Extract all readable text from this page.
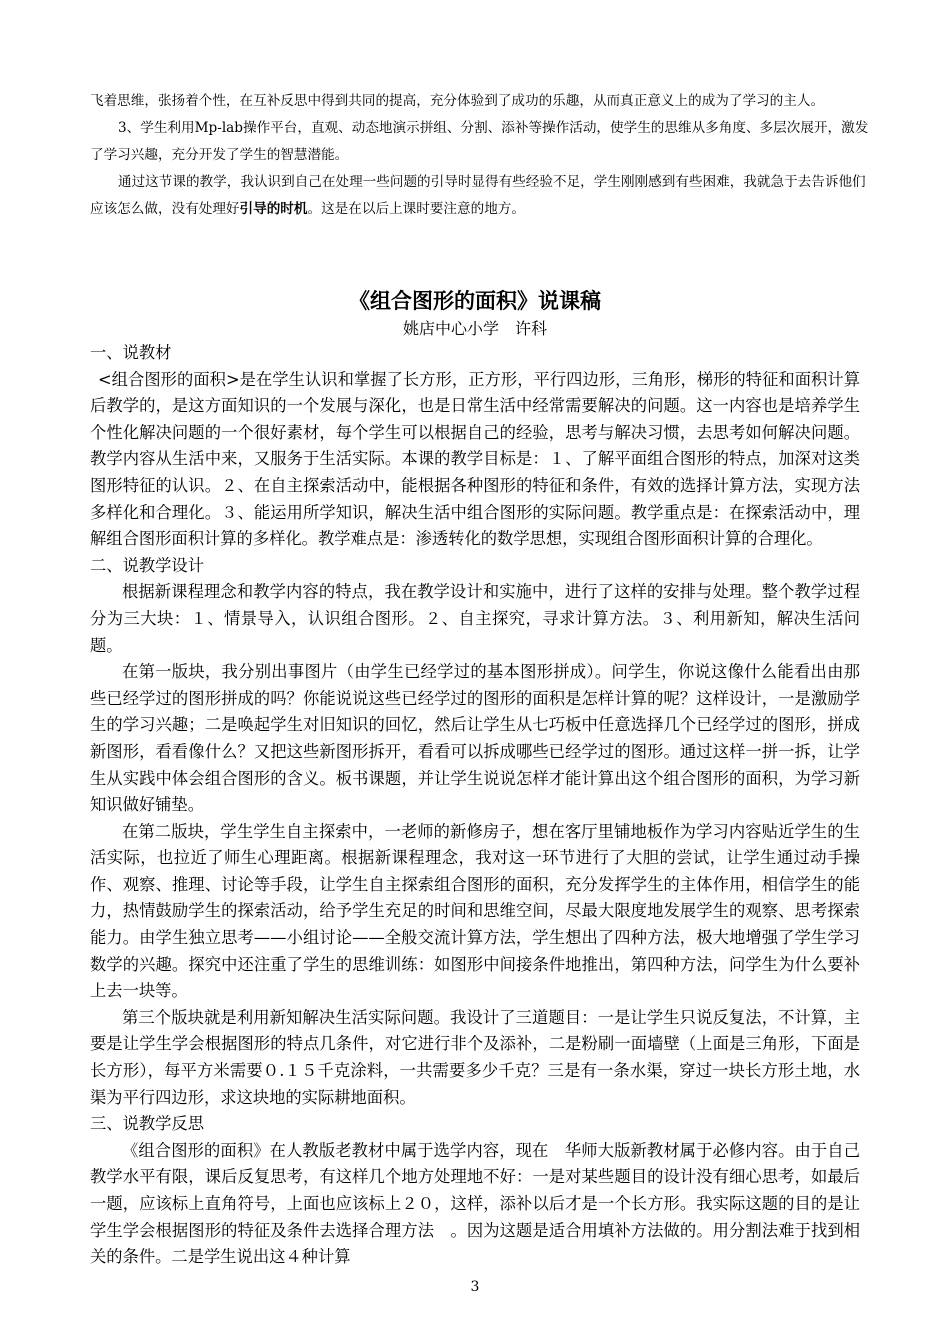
飞着思维，张扬着个性，在互补反思中得到共同的提高，充分体验到了成功的乐趣，从而真正意义上的成为了学习的主人。

3、学生利用Mp-lab操作平台，直观、动态地演示拼组、分割、添补等操作活动，使学生的思维从多角度、多层次展开，激发了学习兴趣，充分开发了学生的智慧潜能。

通过这节课的教学，我认识到自己在处理一些问题的引导时显得有些经验不足，学生刚刚感到有些困难，我就急于去告诉他们应该怎么做，没有处理好引导的时机。这是在以后上课时要注意的地方。

《组合图形的面积》说课稿
姚店中心小学　许科

一、说教材

<组合图形的面积>是在学生认识和掌握了长方形，正方形，平行四边形，三角形，梯形的特征和面积计算后教学的，是这方面知识的一个发展与深化，也是日常生活中经常需要解决的问题。这一内容也是培养学生个性化解决问题的一个很好素材，每个学生可以根据自己的经验，思考与解决习惯，去思考如何解决问题。教学内容从生活中来，又服务于生活实际。本课的教学目标是：１、了解平面组合图形的特点，加深对这类图形特征的认识。２、在自主探索活动中，能根据各种图形的特征和条件，有效的选择计算方法，实现方法多样化和合理化。３、能运用所学知识，解决生活中组合图形的实际问题。教学重点是：在探索活动中，理解组合图形面积计算的多样化。教学难点是：渗透转化的数学思想，实现组合图形面积计算的合理化。

二、说教学设计

根据新课程理念和教学内容的特点，我在教学设计和实施中，进行了这样的安排与处理。整个教学过程分为三大块：１、情景导入，认识组合图形。２、自主探究，寻求计算方法。３、利用新知，解决生活问题。

在第一版块，我分别出事图片（由学生已经学过的基本图形拼成）。问学生，你说这像什么能看出由那些已经学过的图形拼成的吗？你能说说这些已经学过的图形的面积是怎样计算的呢？这样设计，一是激励学生的学习兴趣；二是唤起学生对旧知识的回忆，然后让学生从七巧板中任意选择几个已经学过的图形，拼成新图形，看看像什么？又把这些新图形拆开，看看可以拆成哪些已经学过的图形。通过这样一拼一拆，让学生从实践中体会组合图形的含义。板书课题，并让学生说说怎样才能计算出这个组合图形的面积，为学习新知识做好铺垫。

在第二版块，学生学生自主探索中，一老师的新修房子，想在客厅里铺地板作为学习内容贴近学生的生活实际，也拉近了师生心理距离。根据新课程理念，我对这一环节进行了大胆的尝试，让学生通过动手操作、观察、推理、讨论等手段，让学生自主探索组合图形的面积，充分发挥学生的主体作用，相信学生的能力，热情鼓励学生的探索活动，给予学生充足的时间和思维空间，尽最大限度地发展学生的观察、思考探索能力。由学生独立思考——小组讨论——全般交流计算方法，学生想出了四种方法，极大地增强了学生学习数学的兴趣。探究中还注重了学生的思维训练：如图形中间接条件地推出，第四种方法，问学生为什么要补上去一块等。

第三个版块就是利用新知解决生活实际问题。我设计了三道题目：一是让学生只说反复法，不计算，主要是让学生学会根据图形的特点几条件，对它进行非个及添补，二是粉刷一面墙壁（上面是三角形，下面是长方形），每平方米需要０.１５千克涂料，一共需要多少千克？三是有一条水渠，穿过一块长方形土地，水渠为平行四边形，求这块地的实际耕地面积。

三、说教学反思

《组合图形的面积》在人教版老教材中属于选学内容，现在　华师大版新教材属于必修内容。由于自己教学水平有限，课后反复思考，有这样几个地方处理地不好：一是对某些题目的设计没有细心思考，如最后一题，应该标上直角符号，上面也应该标上２０，这样，添补以后才是一个长方形。我实际这题的目的是让学生学会根据图形的特征及条件去选择合理方法　。因为这题是适合用填补方法做的。用分割法难于找到相关的条件。二是学生说出这４种计算

3
